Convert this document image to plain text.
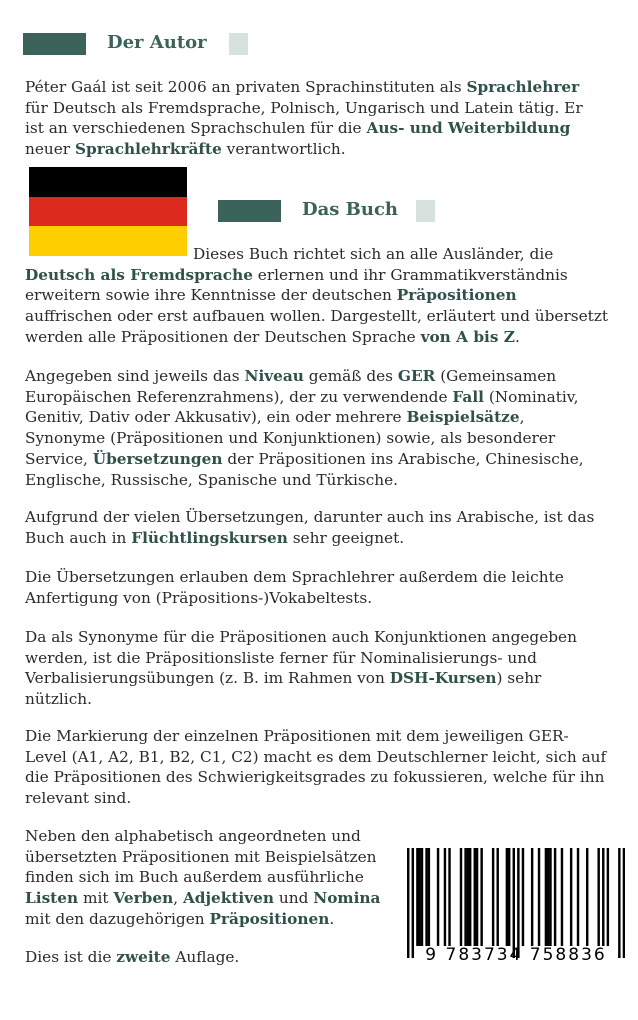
Der Autor

Péter Gaál ist seit 2006 an privaten Sprachinstituten als Sprachlehrer
für Deutsch als Fremdsprache, Polnisch, Ungarisch und Latein tätig. Er
ist an verschiedenen Sprachschulen für die Aus- und Weiterbildung
neuer Sprachlehrkräfte verantwortlich.

Das Buch

Dieses Buch richtet sich an alle Ausländer, die
Deutsch als Fremdsprache erlernen und ihr Grammatikverständnis
erweitern sowie ihre Kenntnisse der deutschen Präpositionen
auffrischen oder erst aufbauen wollen. Dargestellt, erläutert und übersetzt
werden alle Präpositionen der Deutschen Sprache von A bis Z.

Angegeben sind jeweils das Niveau gemäß des GER (Gemeinsamen
Europäischen Referenzrahmens), der zu verwendende Fall (Nominativ,
Genitiv, Dativ oder Akkusativ), ein oder mehrere Beispielsätze,
Synonyme (Präpositionen und Konjunktionen) sowie, als besonderer
Service, Übersetzungen der Präpositionen ins Arabische, Chinesische,
Englische, Russische, Spanische und Türkische.

Aufgrund der vielen Übersetzungen, darunter auch ins Arabische, ist das
Buch auch in Flüchtlingskursen sehr geeignet.

Die Übersetzungen erlauben dem Sprachlehrer außerdem die leichte
Anfertigung von (Präpositions-)Vokabeltests.

Da als Synonyme für die Präpositionen auch Konjunktionen angegeben
werden, ist die Präpositionsliste ferner für Nominalisierungs- und
Verbalisierungsübungen (z. B. im Rahmen von DSH-Kursen) sehr
nützlich.

Die Markierung der einzelnen Präpositionen mit dem jeweiligen GER-
Level (A1, A2, B1, B2, C1, C2) macht es dem Deutschlerner leicht, sich auf
die Präpositionen des Schwierigkeitsgrades zu fokussieren, welche für ihn
relevant sind.

Neben den alphabetisch angeordneten und
übersetzten Präpositionen mit Beispielsätzen
finden sich im Buch außerdem ausführliche
Listen mit Verben, Adjektiven und Nomina
mit den dazugehörigen Präpositionen.

Dies ist die zweite Auflage.	9 783734 758836
